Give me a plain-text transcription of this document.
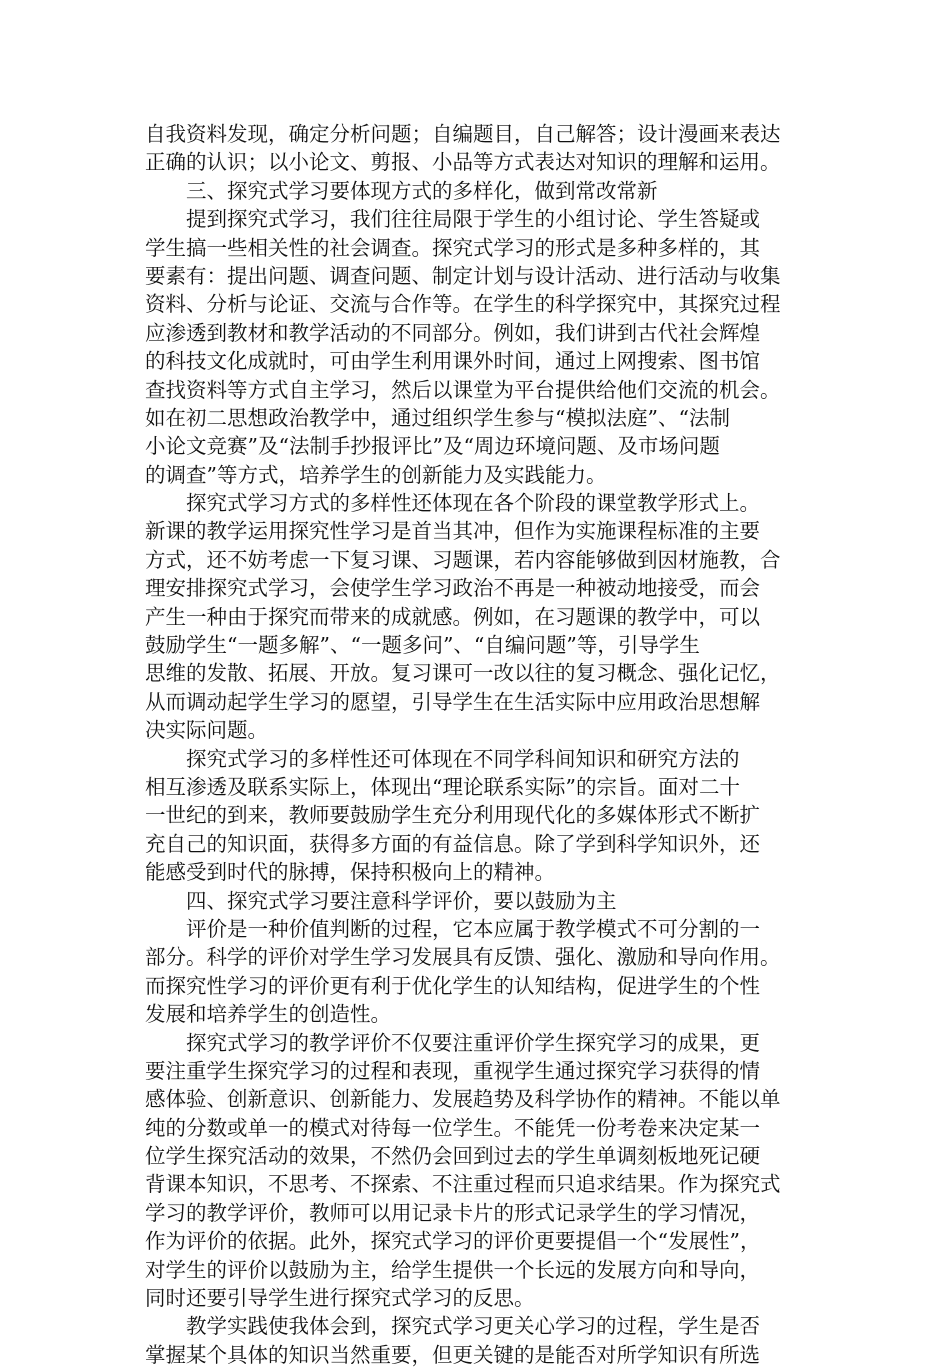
自我资料发现，确定分析问题；自编题目，自己解答；设计漫画来表达
正确的认识；以小论文、剪报、小品等方式表达对知识的理解和运用。
三、探究式学习要体现方式的多样化，做到常改常新
提到探究式学习，我们往往局限于学生的小组讨论、学生答疑或
学生搞一些相关性的社会调查。探究式学习的形式是多种多样的，其
要素有：提出问题、调查问题、制定计划与设计活动、进行活动与收集
资料、分析与论证、交流与合作等。在学生的科学探究中，其探究过程
应渗透到教材和教学活动的不同部分。例如，我们讲到古代社会辉煌
的科技文化成就时，可由学生利用课外时间，通过上网搜索、图书馆
查找资料等方式自主学习，然后以课堂为平台提供给他们交流的机会。
如在初二思想政治教学中，通过组织学生参与“模拟法庭”、“法制
小论文竞赛”及“法制手抄报评比”及“周边环境问题、及市场问题
的调查”等方式，培养学生的创新能力及实践能力。
探究式学习方式的多样性还体现在各个阶段的课堂教学形式上。
新课的教学运用探究性学习是首当其冲，但作为实施课程标准的主要
方式，还不妨考虑一下复习课、习题课，若内容能够做到因材施教，合
理安排探究式学习，会使学生学习政治不再是一种被动地接受，而会
产生一种由于探究而带来的成就感。例如，在习题课的教学中，可以
鼓励学生“一题多解”、“一题多问”、“自编问题”等，引导学生
思维的发散、拓展、开放。复习课可一改以往的复习概念、强化记忆，
从而调动起学生学习的愿望，引导学生在生活实际中应用政治思想解
决实际问题。
探究式学习的多样性还可体现在不同学科间知识和研究方法的
相互渗透及联系实际上，体现出“理论联系实际”的宗旨。面对二十
一世纪的到来，教师要鼓励学生充分利用现代化的多媒体形式不断扩
充自己的知识面，获得多方面的有益信息。除了学到科学知识外，还
能感受到时代的脉搏，保持积极向上的精神。
四、探究式学习要注意科学评价，要以鼓励为主
评价是一种价值判断的过程，它本应属于教学模式不可分割的一
部分。科学的评价对学生学习发展具有反馈、强化、激励和导向作用。
而探究性学习的评价更有利于优化学生的认知结构，促进学生的个性
发展和培养学生的创造性。
探究式学习的教学评价不仅要注重评价学生探究学习的成果，更
要注重学生探究学习的过程和表现，重视学生通过探究学习获得的情
感体验、创新意识、创新能力、发展趋势及科学协作的精神。不能以单
纯的分数或单一的模式对待每一位学生。不能凭一份考卷来决定某一
位学生探究活动的效果，不然仍会回到过去的学生单调刻板地死记硬
背课本知识，不思考、不探索、不注重过程而只追求结果。作为探究式
学习的教学评价，教师可以用记录卡片的形式记录学生的学习情况，
作为评价的依据。此外，探究式学习的评价更要提倡一个“发展性”，
对学生的评价以鼓励为主，给学生提供一个长远的发展方向和导向，
同时还要引导学生进行探究式学习的反思。
教学实践使我体会到，探究式学习更关心学习的过程，学生是否
掌握某个具体的知识当然重要，但更关键的是能否对所学知识有所选
